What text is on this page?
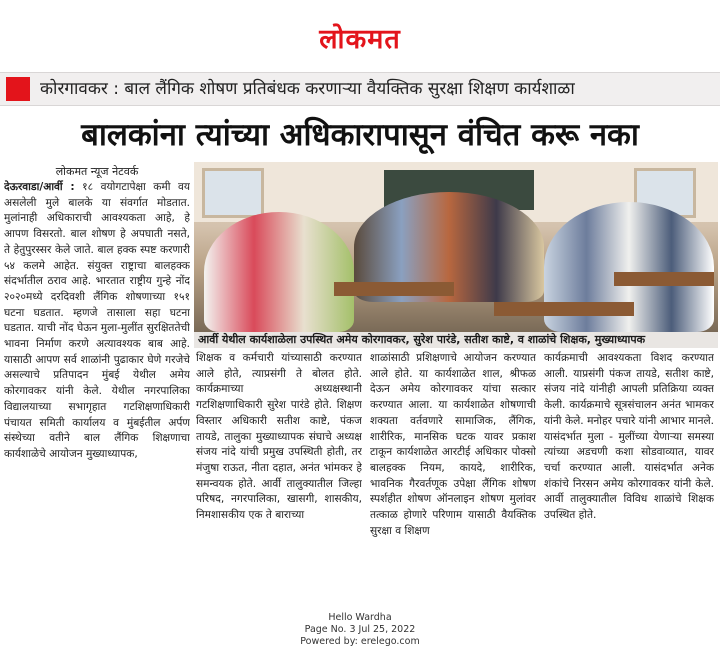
लोकमत
कोरगावकर : बाल लैंगिक शोषण प्रतिबंधक करणाऱ्या वैयक्तिक सुरक्षा शिक्षण कार्यशाळा
बालकांना त्यांच्या अधिकारापासून वंचित करू नका

लोकमत न्यूज नेटवर्क

देऊरवाडा/आर्वी : १८ वयोगटापेक्षा कमी वय असलेली मुले बालके या संवर्गात मोडतात. मुलांनाही अधिकाराची आवश्यकता आहे, हे आपण विसरतो. बाल शोषण हे अपघाती नसते, ते हेतुपुरस्सर केले जाते. बाल हक्क स्पष्ट करणारी ५४ कलमे आहेत. संयुक्त राष्ट्राचा बालहक्क संदर्भातील ठराव आहे. भारतात राष्ट्रीय गुन्हे नोंद २०२०मध्ये दरदिवशी लैंगिक शोषणाच्या १५१ घटना घडतात. म्हणजे तासाला सहा घटना घडतात. याची नोंद घेऊन मुला-मुलींत सुरक्षिततेची भावना निर्माण करणे अत्यावश्यक बाब आहे. यासाठी आपण सर्व शाळांनी पुढाकार घेणे गरजेचे असल्याचे प्रतिपादन मुंबई येथील अमेय कोरगावकर यांनी केले. येथील नगरपालिका विद्यालयाच्या सभागृहात गटशिक्षणाधिकारी पंचायत समिती कार्यालय व मुंबईतील अर्पण संस्थेच्या वतीने बाल लैंगिक शिक्षणाचा कार्यशाळेचे आयोजन मुख्याध्यापक,

आर्वी येथील कार्यशाळेला उपस्थित अमेय कोरगावकर, सुरेश पारंडे, सतीश काष्टे, व शाळांचे शिक्षक, मुख्याध्यापक

शिक्षक व कर्मचारी यांच्यासाठी करण्यात आले होते, त्याप्रसंगी ते बोलत होते. कार्यक्रमाच्या अध्यक्षस्थानी गटशिक्षणाधिकारी सुरेश पारंडे होते. शिक्षण विस्तार अधिकारी सतीश काष्टे, पंकज तायडे, तालुका मुख्याध्यापक संघाचे अध्यक्ष संजय नांदे यांची प्रमुख उपस्थिती होती, तर मंजुषा राऊत, नीता दहात, अनंत भांमकर हे समन्वयक होते. आर्वी तालुक्यातील जिल्हा परिषद, नगरपालिका, खासगी, शासकीय, निमशासकीय एक ते बाराच्या

शाळांसाठी प्रशिक्षणाचे आयोजन करण्यात आले होते. या कार्यशाळेत शाल, श्रीफळ देऊन अमेय कोरगावकर यांचा सत्कार करण्यात आला. या कार्यशाळेत शोषणाची शक्यता वर्तवणारे सामाजिक, लैंगिक, शारीरिक, मानसिक घटक यावर प्रकाश टाकून कार्यशाळेत आरटीई अधिकार पोक्सो बालहक्क नियम, कायदे, शारीरिक, भावनिक गैरवर्तणूक उपेक्षा लैंगिक शोषण स्पर्शहीत शोषण ऑनलाइन शोषण मुलांवर तत्काळ होणारे परिणाम यासाठी वैयक्तिक सुरक्षा व शिक्षण

कार्यक्रमाची आवश्यकता विशद करण्यात आली. याप्रसंगी पंकज तायडे, सतीश काष्टे, संजय नांदे यांनीही आपली प्रतिक्रिया व्यक्त केली. कार्यक्रमाचे सूत्रसंचालन अनंत भामकर यांनी केले. मनोहर पचारे यांनी आभार मानले. यासंदर्भात मुला - मुलींच्या येणाऱ्या समस्या त्यांच्या अडचणी कशा सोडवाव्यात, यावर चर्चा करण्यात आली. यासंदर्भात अनेक शंकांचे निरसन अमेय कोरगावकर यांनी केले. आर्वी तालुक्यातील विविध शाळांचे शिक्षक उपस्थित होते.

Hello Wardha
Page No. 3 Jul 25, 2022
Powered by: erelego.com
